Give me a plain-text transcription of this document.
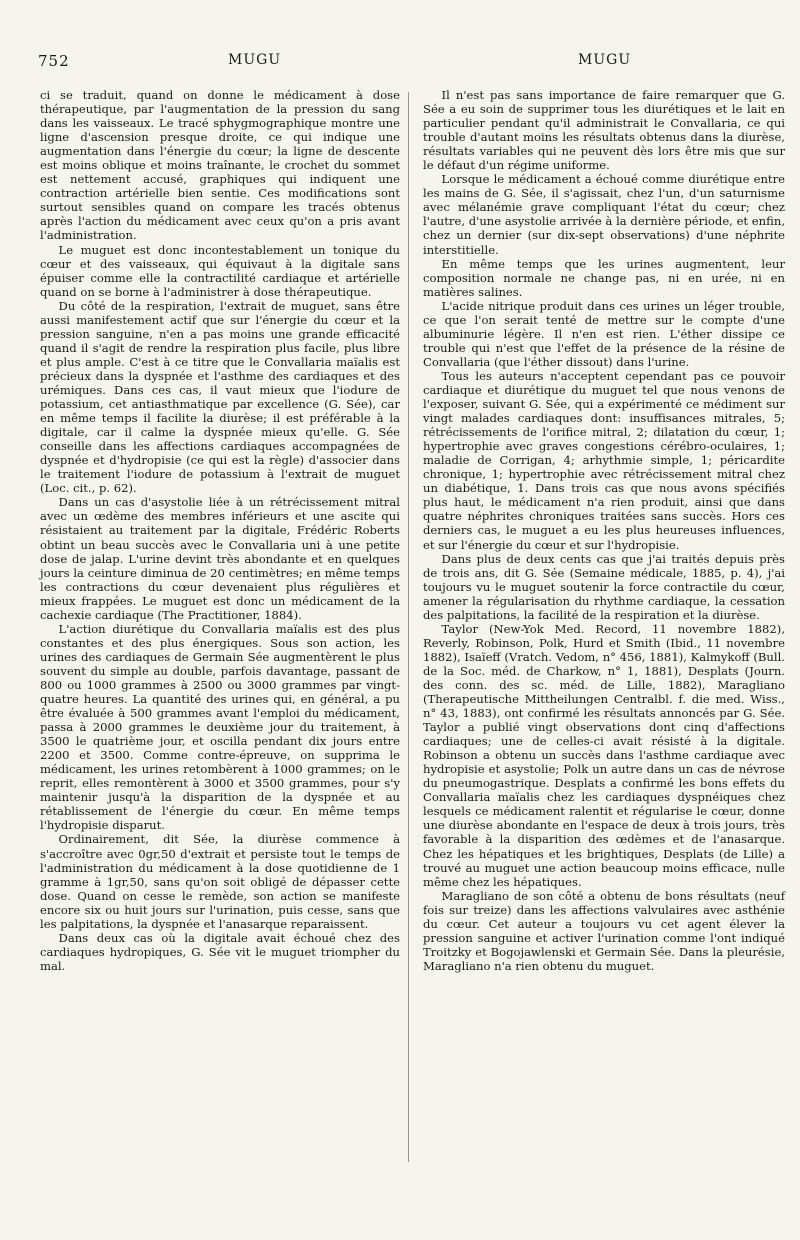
752	MUGU	MUGU

ci se traduit, quand on donne le médicament à dose thérapeutique, par l'augmentation de la pression du sang dans les vaisseaux. Le tracé sphygmographique montre une ligne d'ascension presque droite, ce qui indique une augmentation dans l'énergie du cœur; la ligne de descente est moins oblique et moins traînante, le crochet du sommet est nettement accusé, graphiques qui indiquent une contraction artérielle bien sentie. Ces modifications sont surtout sensibles quand on compare les tracés obtenus après l'action du médicament avec ceux qu'on a pris avant l'administration.

Le muguet est donc incontestablement un tonique du cœur et des vaisseaux, qui équivaut à la digitale sans épuiser comme elle la contractilité cardiaque et artérielle quand on se borne à l'administrer à dose thérapeutique.

Du côté de la respiration, l'extrait de muguet, sans être aussi manifestement actif que sur l'énergie du cœur et la pression sanguine, n'en a pas moins une grande efficacité quand il s'agit de rendre la respiration plus facile, plus libre et plus ample. C'est à ce titre que le Convallaria maïalis est précieux dans la dyspnée et l'asthme des cardiaques et des urémiques. Dans ces cas, il vaut mieux que l'iodure de potassium, cet antiasthmatique par excellence (G. Sée), car en même temps il facilite la diurèse; il est préférable à la digitale, car il calme la dyspnée mieux qu'elle. G. Sée conseille dans les affections cardiaques accompagnées de dyspnée et d'hydropisie (ce qui est la règle) d'associer dans le traitement l'iodure de potassium à l'extrait de muguet (Loc. cit., p. 62).

Dans un cas d'asystolie liée à un rétrécissement mitral avec un œdème des membres inférieurs et une ascite qui résistaient au traitement par la digitale, Frédéric Roberts obtint un beau succès avec le Convallaria uni à une petite dose de jalap. L'urine devint très abondante et en quelques jours la ceinture diminua de 20 centimètres; en même temps les contractions du cœur devenaient plus régulières et mieux frappées. Le muguet est donc un médicament de la cachexie cardiaque (The Practitioner, 1884).

L'action diurétique du Convallaria maïalis est des plus constantes et des plus énergiques. Sous son action, les urines des cardiaques de Germain Sée augmentèrent le plus souvent du simple au double, parfois davantage, passant de 800 ou 1000 grammes à 2500 ou 3000 grammes par vingt-quatre heures. La quantité des urines qui, en général, a pu être évaluée à 500 grammes avant l'emploi du médicament, passa à 2000 grammes le deuxième jour du traitement, à 3500 le quatrième jour, et oscilla pendant dix jours entre 2200 et 3500. Comme contre-épreuve, on supprima le médicament, les urines retombèrent à 1000 grammes; on le reprit, elles remontèrent à 3000 et 3500 grammes, pour s'y maintenir jusqu'à la disparition de la dyspnée et au rétablissement de l'énergie du cœur. En même temps l'hydropisie disparut.

Ordinairement, dit Sée, la diurèse commence à s'accroître avec 0gr,50 d'extrait et persiste tout le temps de l'administration du médicament à la dose quotidienne de 1 gramme à 1gr,50, sans qu'on soit obligé de dépasser cette dose. Quand on cesse le remède, son action se manifeste encore six ou huit jours sur l'urination, puis cesse, sans que les palpitations, la dyspnée et l'anasarque reparaissent.

Dans deux cas où la digitale avait échoué chez des cardiaques hydropiques, G. Sée vit le muguet triompher du mal.

Il n'est pas sans importance de faire remarquer que G. Sée a eu soin de supprimer tous les diurétiques et le lait en particulier pendant qu'il administrait le Convallaria, ce qui trouble d'autant moins les résultats obtenus dans la diurèse, résultats variables qui ne peuvent dès lors être mis que sur le défaut d'un régime uniforme.

Lorsque le médicament a échoué comme diurétique entre les mains de G. Sée, il s'agissait, chez l'un, d'un saturnisme avec mélanémie grave compliquant l'état du cœur; chez l'autre, d'une asystolie arrivée à la dernière période, et enfin, chez un dernier (sur dix-sept observations) d'une néphrite interstitielle.

En même temps que les urines augmentent, leur composition normale ne change pas, ni en urée, ni en matières salines.

L'acide nitrique produit dans ces urines un léger trouble, ce que l'on serait tenté de mettre sur le compte d'une albuminurie légère. Il n'en est rien. L'éther dissipe ce trouble qui n'est que l'effet de la présence de la résine de Convallaria (que l'éther dissout) dans l'urine.

Tous les auteurs n'acceptent cependant pas ce pouvoir cardiaque et diurétique du muguet tel que nous venons de l'exposer, suivant G. Sée, qui a expérimenté ce médiment sur vingt malades cardiaques dont: insuffisances mitrales, 5; rétrécissements de l'orifice mitral, 2; dilatation du cœur, 1; hypertrophie avec graves congestions cérébro-oculaires, 1; maladie de Corrigan, 4; arhythmie simple, 1; péricardite chronique, 1; hypertrophie avec rétrécissement mitral chez un diabétique, 1. Dans trois cas que nous avons spécifiés plus haut, le médicament n'a rien produit, ainsi que dans quatre néphrites chroniques traitées sans succès. Hors ces derniers cas, le muguet a eu les plus heureuses influences, et sur l'énergie du cœur et sur l'hydropisie.

Dans plus de deux cents cas que j'ai traités depuis près de trois ans, dit G. Sée (Semaine médicale, 1885, p. 4), j'ai toujours vu le muguet soutenir la force contractile du cœur, amener la régularisation du rhythme cardiaque, la cessation des palpitations, la facilité de la respiration et la diurèse.

Taylor (New-Yok Med. Record, 11 novembre 1882), Reverly, Robinson, Polk, Hurd et Smith (Ibid., 11 novembre 1882), Isaïeff (Vratch. Vedom, n° 456, 1881), Kalmykoff (Bull. de la Soc. méd. de Charkow, n° 1, 1881), Desplats (Journ. des conn. des sc. méd. de Lille, 1882), Maragliano (Therapeutische Mittheilungen Centralbl. f. die med. Wiss., n° 43, 1883), ont confirmé les résultats annoncés par G. Sée. Taylor a publié vingt observations dont cinq d'affections cardiaques; une de celles-ci avait résisté à la digitale. Robinson a obtenu un succès dans l'asthme cardiaque avec hydropisie et asystolie; Polk un autre dans un cas de névrose du pneumogastrique. Desplats a confirmé les bons effets du Convallaria maïalis chez les cardiaques dyspnéiques chez lesquels ce médicament ralentit et régularise le cœur, donne une diurèse abondante en l'espace de deux à trois jours, très favorable à la disparition des œdèmes et de l'anasarque. Chez les hépatiques et les brightiques, Desplats (de Lille) a trouvé au muguet une action beaucoup moins efficace, nulle même chez les hépatiques.

Maragliano de son côté a obtenu de bons résultats (neuf fois sur treize) dans les affections valvulaires avec asthénie du cœur. Cet auteur a toujours vu cet agent élever la pression sanguine et activer l'urination comme l'ont indiqué Troitzky et Bogojawlenski et Germain Sée. Dans la pleurésie, Maragliano n'a rien obtenu du muguet.
